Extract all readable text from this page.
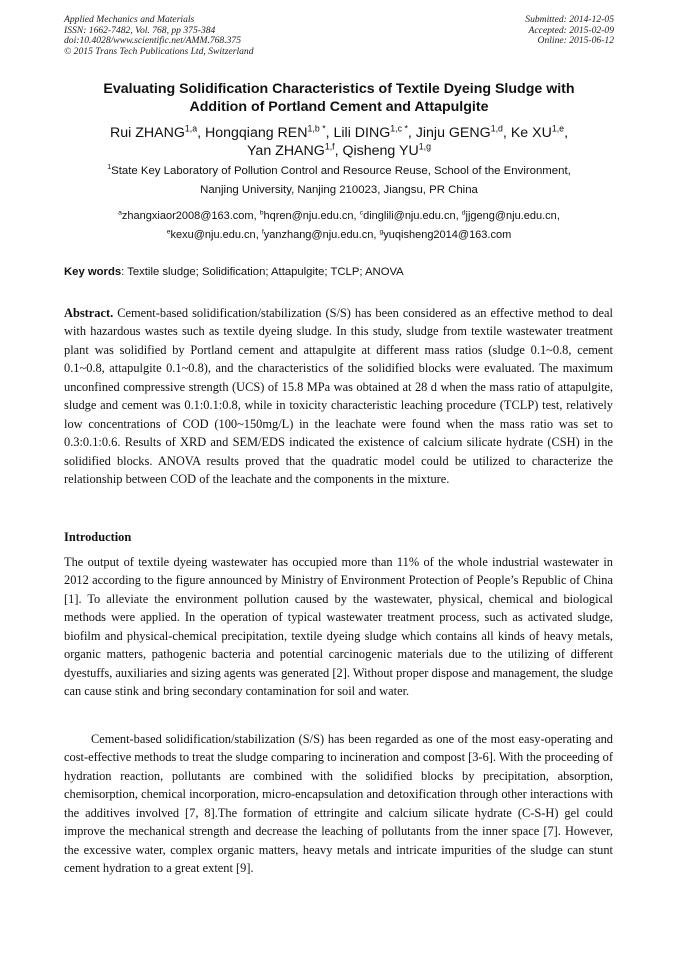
Applied Mechanics and Materials
ISSN: 1662-7482, Vol. 768, pp 375-384
doi:10.4028/www.scientific.net/AMM.768.375
© 2015 Trans Tech Publications Ltd, Switzerland
Submitted: 2014-12-05
Accepted: 2015-02-09
Online: 2015-06-12
Evaluating Solidification Characteristics of Textile Dyeing Sludge with
Addition of Portland Cement and Attapulgite
Rui ZHANG$^{1,a}$, Hongqiang $REN^{1,b *}$, Lili $DING^{1,c *}$, Jinju GENG$^{1,d}$, Ke XU$^{1,e}$,
Yan ZHANG$^{1,f}$, Qisheng YU$^{1,g}$
$^1$State Key Laboratory of Pollution Control and Resource Reuse, School of the Environment,
Nanjing University, Nanjing 210023, Jiangsu, PR China
$^a$zhangxiaor2008@163.com, $^b$hqren@nju.edu.cn, $^c$dinglili@nju.edu.cn, $^d$jjgeng@nju.edu.cn,
$^e$kexu@nju.edu.cn, $^f$yanzhang@nju.edu.cn, $^g$yuqisheng2014@163.com
Key words: Textile sludge; Solidification; Attapulgite; TCLP; ANOVA
Abstract. Cement-based solidification/stabilization (S/S) has been considered as an effective method to deal with hazardous wastes such as textile dyeing sludge. In this study, sludge from textile wastewater treatment plant was solidified by Portland cement and attapulgite at different mass ratios (sludge 0.1~0.8, cement 0.1~0.8, attapulgite 0.1~0.8), and the characteristics of the solidified blocks were evaluated. The maximum unconfined compressive strength (UCS) of 15.8 MPa was obtained at 28 d when the mass ratio of attapulgite, sludge and cement was 0.1:0.1:0.8, while in toxicity characteristic leaching procedure (TCLP) test, relatively low concentrations of COD (100~150mg/L) in the leachate were found when the mass ratio was set to 0.3:0.1:0.6. Results of XRD and SEM/EDS indicated the existence of calcium silicate hydrate (CSH) in the solidified blocks. ANOVA results proved that the quadratic model could be utilized to characterize the relationship between COD of the leachate and the components in the mixture.
Introduction
The output of textile dyeing wastewater has occupied more than 11% of the whole industrial wastewater in 2012 according to the figure announced by Ministry of Environment Protection of People’s Republic of China [1]. To alleviate the environment pollution caused by the wastewater, physical, chemical and biological methods were applied. In the operation of typical wastewater treatment process, such as activated sludge, biofilm and physical-chemical precipitation, textile dyeing sludge which contains all kinds of heavy metals, organic matters, pathogenic bacteria and potential carcinogenic materials due to the utilizing of different dyestuffs, auxiliaries and sizing agents was generated [2]. Without proper dispose and management, the sludge can cause stink and bring secondary contamination for soil and water.
Cement-based solidification/stabilization (S/S) has been regarded as one of the most easy-operating and cost-effective methods to treat the sludge comparing to incineration and compost [3-6]. With the proceeding of hydration reaction, pollutants are combined with the solidified blocks by precipitation, absorption, chemisorption, chemical incorporation, micro-encapsulation and detoxification through other interactions with the additives involved [7, 8].The formation of ettringite and calcium silicate hydrate (C-S-H) gel could improve the mechanical strength and decrease the leaching of pollutants from the inner space [7]. However, the excessive water, complex organic matters, heavy metals and intricate impurities of the sludge can stunt cement hydration to a great extent [9].
